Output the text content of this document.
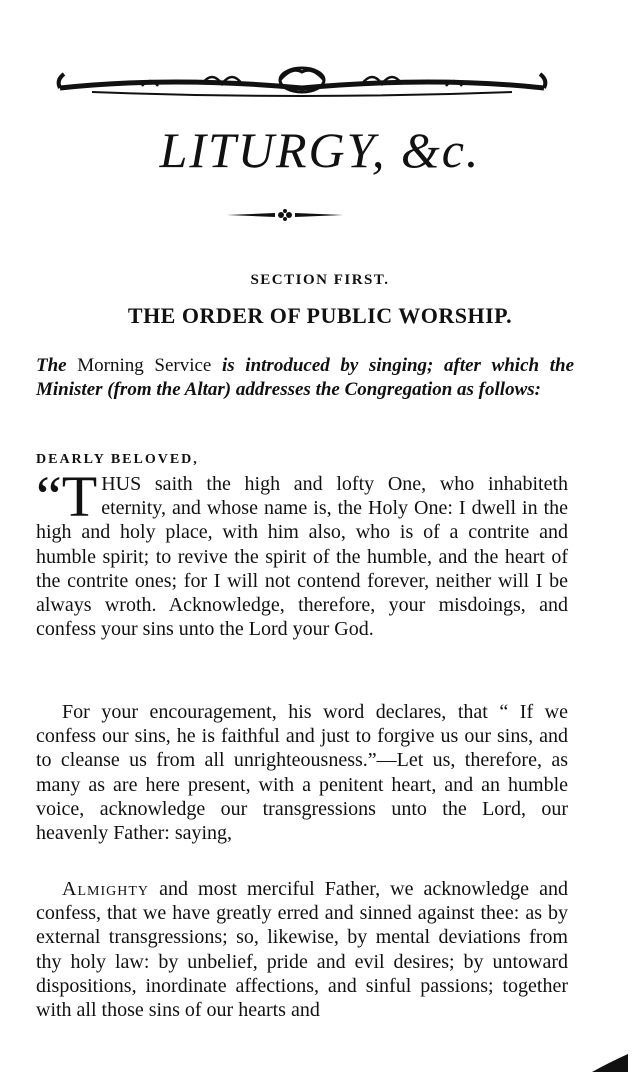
LITURGY, &c.
SECTION FIRST.
THE ORDER OF PUBLIC WORSHIP.
The Morning Service is introduced by singing; after which the Minister (from the Altar) addresses the Congregation as follows:
DEARLY BELOVED,

“T HUS saith the high and lofty One, who inhabiteth eternity, and whose name is, the Holy One: I dwell in the high and holy place, with him also, who is of a contrite and humble spirit; to revive the spirit of the humble, and the heart of the contrite ones; for I will not contend forever, neither will I be always wroth. Acknowledge, therefore, your misdoings, and confess your sins unto the Lord your God.

For your encouragement, his word declares, that “ If we confess our sins, he is faithful and just to forgive us our sins, and to cleanse us from all unrighteousness.”—Let us, therefore, as many as are here present, with a penitent heart, and an humble voice, acknowledge our transgressions unto the Lord, our heavenly Father: saying,

Almighty and most merciful Father, we acknowledge and confess, that we have greatly erred and sinned against thee: as by external transgressions; so, likewise, by mental deviations from thy holy law: by unbelief, pride and evil desires; by untoward dispositions, inordinate affections, and sinful passions; together with all those sins of our hearts and
